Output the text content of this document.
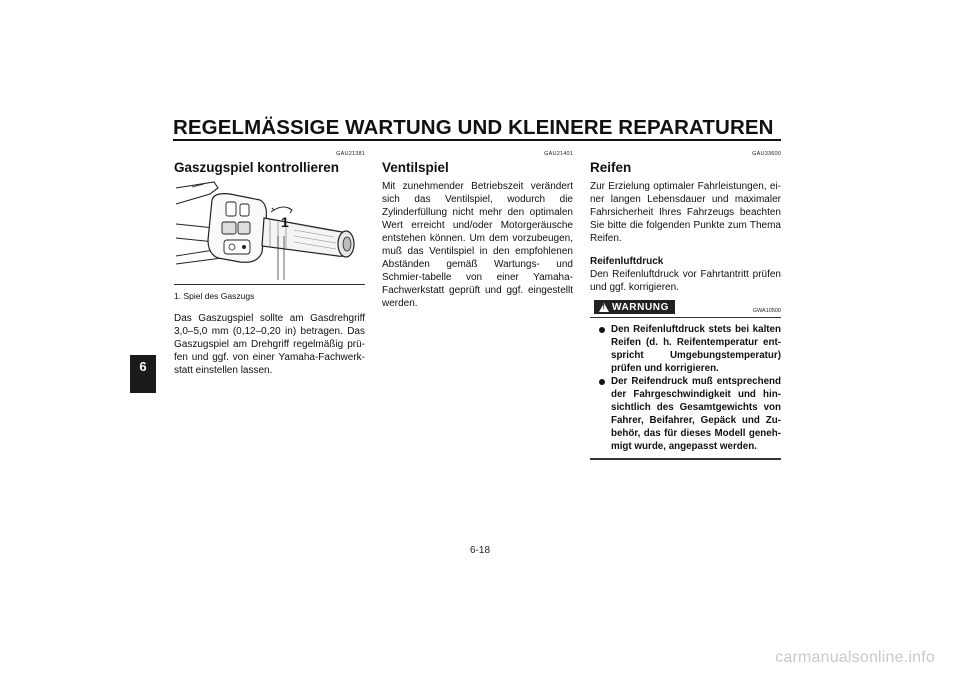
REGELMÄSSIGE WARTUNG UND KLEINERE REPARATUREN
6
GAU21381
Gaszugspiel kontrollieren
1
1. Spiel des Gaszugs

Das Gaszugspiel sollte am Gasdrehgriff 3,0–5,0 mm (0,12–0,20 in) betragen. Das Gaszugspiel am Drehgriff regelmäßig prü-fen und ggf. von einer Yamaha-Fachwerk-statt einstellen lassen.

GAU21401
Ventilspiel

Mit zunehmender Betriebszeit verändert sich das Ventilspiel, wodurch die Zylinderfüllung nicht mehr den optimalen Wert erreicht und/oder Motorgeräusche entstehen können. Um dem vorzubeugen, muß das Ventilspiel in den empfohlenen Abständen gemäß Wartungs- und Schmier-tabelle von einer Yamaha-Fachwerkstatt geprüft und ggf. eingestellt werden.

GAU33600
Reifen

Zur Erzielung optimaler Fahrleistungen, ei-ner langen Lebensdauer und maximaler Fahrsicherheit Ihres Fahrzeugs beachten Sie bitte die folgenden Punkte zum Thema Reifen.

Reifenluftdruck

Den Reifenluftdruck vor Fahrtantritt prüfen und ggf. korrigieren.

! WARNUNG	GWA10500
Den Reifenluftdruck stets bei kalten Reifen (d. h. Reifentemperatur ent-spricht Umgebungstemperatur) prüfen und korrigieren.
Der Reifendruck muß entsprechend der Fahrgeschwindigkeit und hin-sichtlich des Gesamtgewichts von Fahrer, Beifahrer, Gepäck und Zu-behör, das für dieses Modell geneh-migt wurde, angepasst werden.
6-18
carmanualsonline.info
